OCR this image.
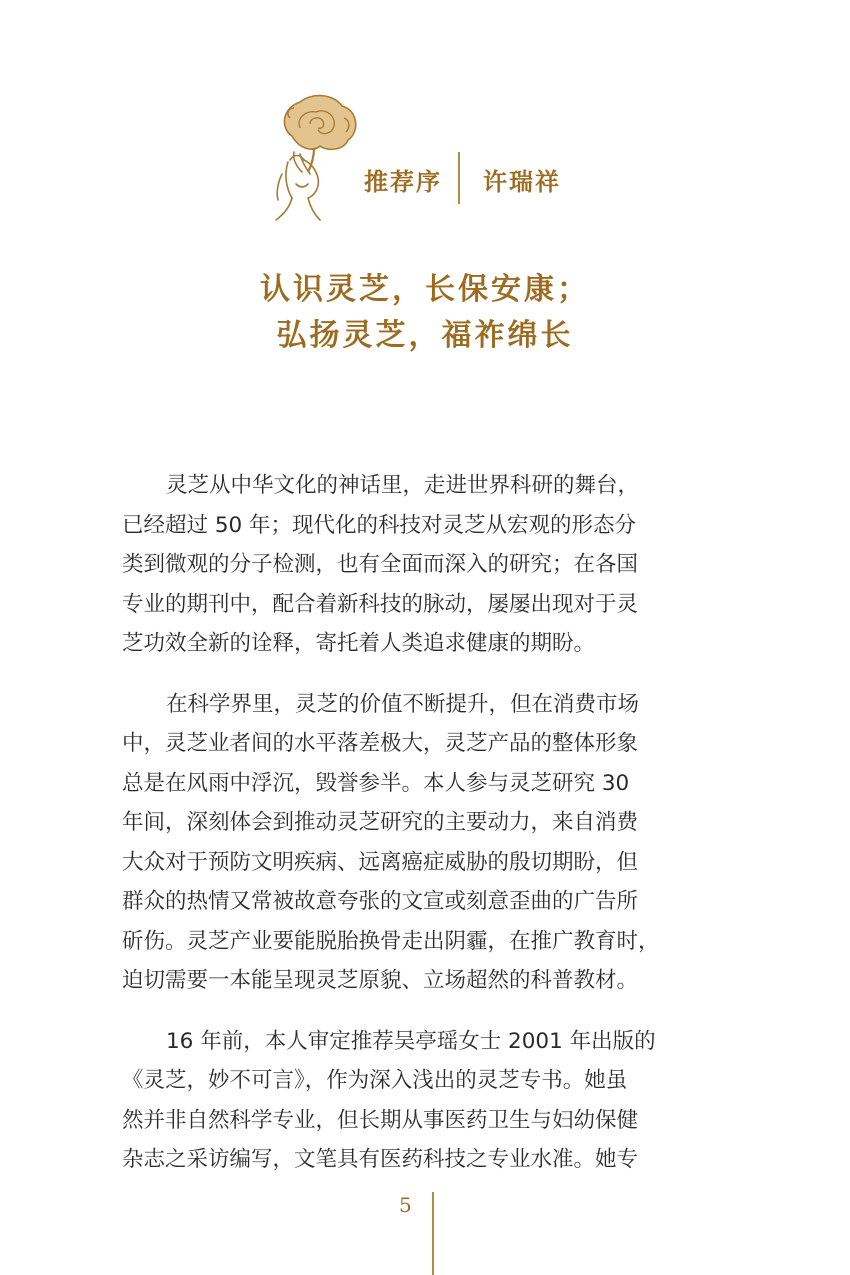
推荐序 许瑞祥
认识灵芝，长保安康；
弘扬灵芝，福祚绵长
灵芝从中华文化的神话里，走进世界科研的舞台，
已经超过 50 年；现代化的科技对灵芝从宏观的形态分
类到微观的分子检测，也有全面而深入的研究；在各国
专业的期刊中，配合着新科技的脉动，屡屡出现对于灵
芝功效全新的诠释，寄托着人类追求健康的期盼。
在科学界里，灵芝的价值不断提升，但在消费市场
中，灵芝业者间的水平落差极大，灵芝产品的整体形象
总是在风雨中浮沉，毁誉参半。本人参与灵芝研究 30
年间，深刻体会到推动灵芝研究的主要动力，来自消费
大众对于预防文明疾病、远离癌症威胁的殷切期盼，但
群众的热情又常被故意夸张的文宣或刻意歪曲的广告所
斫伤。灵芝产业要能脱胎换骨走出阴霾，在推广教育时，
迫切需要一本能呈现灵芝原貌、立场超然的科普教材。
16 年前，本人审定推荐吴亭瑶女士 2001 年出版的
《灵芝，妙不可言》，作为深入浅出的灵芝专书。她虽
然并非自然科学专业，但长期从事医药卫生与妇幼保健
杂志之采访编写，文笔具有医药科技之专业水准。她专
5
